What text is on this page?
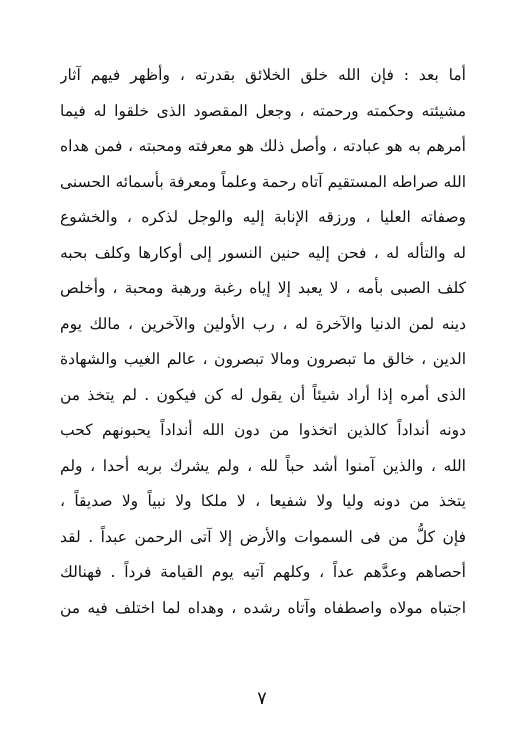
أما بعد : فإن الله خلق الخلائق بقدرته ، وأظهر فيهم آثار
مشيئته وحكمته ورحمته ، وجعل المقصود الذى خلقوا له فيما
أمرهم به هو عبادته ، وأصل ذلك هو معرفته ومحبته ، فمن هداه
الله صراطه المستقيم آتاه رحمة وعلماً ومعرفة بأسمائه الحسنى
وصفاته العليا ، ورزقه الإنابة إليه والوجل لذكره ، والخشوع
له والتأله له ، فحن إليه حنين النسور إلى أوكارها وكلف بحبه
كلف الصبى بأمه ، لا يعبد إلا إياه رغبة ورهبة ومحبة ، وأخلص
دينه لمن الدنيا والآخرة له ، رب الأولين والآخرين ، مالك يوم
الدين ، خالق ما تبصرون ومالا تبصرون ، عالم الغيب والشهادة
الذى أمره إذا أراد شيئاً أن يقول له كن فيكون . لم يتخذ من
دونه أنداداً كالذين اتخذوا من دون الله أنداداً يحبونهم كحب
الله ، والذين آمنوا أشد حباً لله ، ولم يشرك بربه أحدا ، ولم
يتخذ من دونه وليا ولا شفيعا ، لا ملكا ولا نبياً ولا صديقاً ،
فإن كلُّ من فى السموات والأرض إلا آتى الرحمن عبداً . لقد
أحصاهم وعدَّهم عداً ، وكلهم آتيه يوم القيامة فرداً . فهنالك
اجتباه مولاه واصطفاه وآتاه رشده ، وهداه لما اختلف فيه من
٧
